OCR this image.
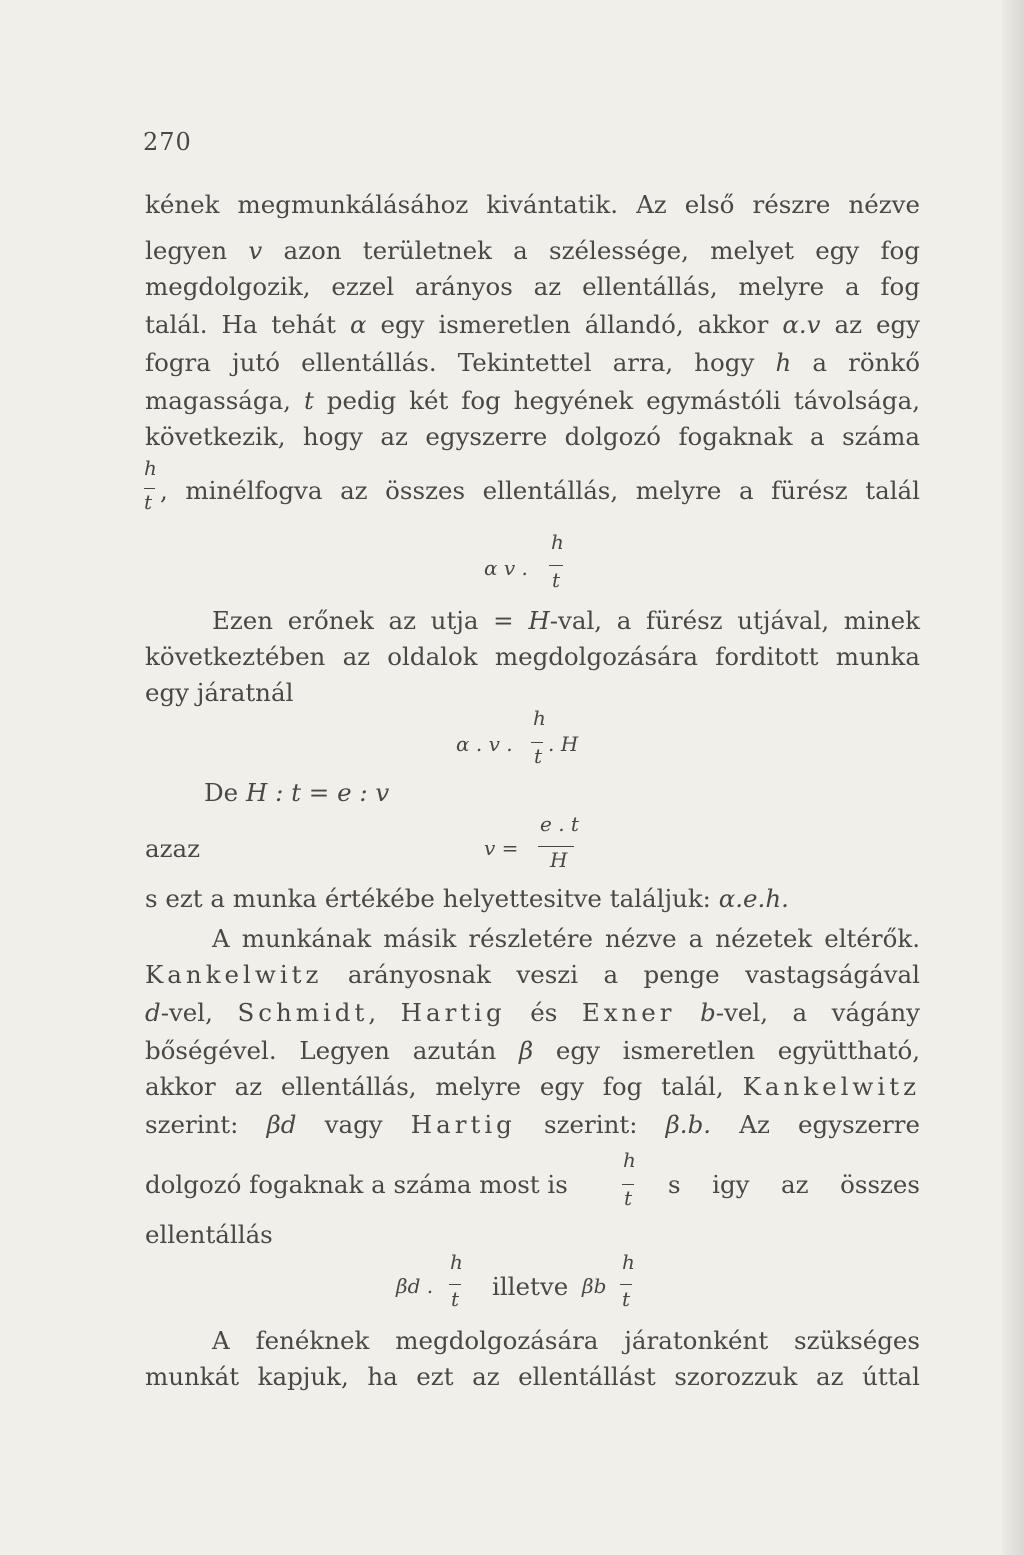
270
kének megmunkálásához kivántatik. Az első részre nézve
legyen v azon területnek a szélessége, melyet egy fog
megdolgozik, ezzel arányos az ellentállás, melyre a fog
talál. Ha tehát α egy ismeretlen állandó, akkor α.v az egy
fogra jutó ellentállás. Tekintettel arra, hogy h a rönkő
magassága, t pedig két fog hegyének egymástóli távolsága,
következik, hogy az egyszerre dolgozó fogaknak a száma
h
t , minélfogva az összes ellentállás, melyre a fürész talál
h
α v . t
Ezen erőnek az utja = H-val, a fürész utjával, minek
következtében az oldalok megdolgozására forditott munka
egy járatnál
h
α . v . t . H
De H : t = e : v
e . t
azaz	v = H
s ezt a munka értékébe helyettesitve találjuk: α.e.h.
A munkának másik részletére nézve a nézetek eltérők.
Kankelwitz arányosnak veszi a penge vastagságával
d-vel, Schmidt, Hartig és Exner b-vel, a vágány
bőségével. Legyen azután β egy ismeretlen együttható,
akkor az ellentállás, melyre egy fog talál, Kankelwitz
szerint: βd vagy Hartig szerint: β.b. Az egyszerre
h
dolgozó fogaknak a száma most is	t s igy az összes
ellentállás
h	h
βd .
t illetve βb
t
A fenéknek megdolgozására járatonként szükséges
munkát kapjuk, ha ezt az ellentállást szorozzuk az úttal
